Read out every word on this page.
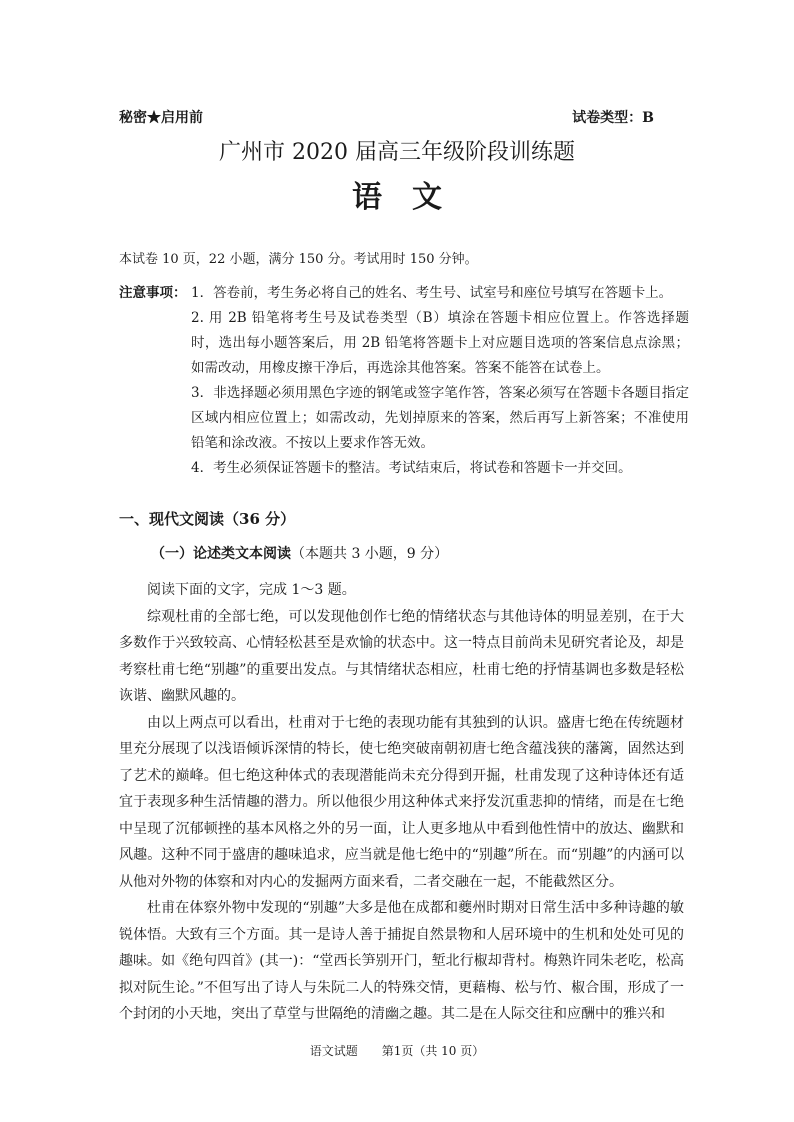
秘密★启用前	试卷类型：B
广州市 2020 届高三年级阶段训练题
语文
本试卷 10 页，22 小题，满分 150 分。考试用时 150 分钟。
注意事项： 1．答卷前，考生务必将自己的姓名、考生号、试室号和座位号填写在答题卡上。
2. 用 2B 铅笔将考生号及试卷类型（B）填涂在答题卡相应位置上。作答选择题时，选出每小题答案后，用 2B 铅笔将答题卡上对应题目选项的答案信息点涂黑；如需改动，用橡皮擦干净后，再选涂其他答案。答案不能答在试卷上。
3．非选择题必须用黑色字迹的钢笔或签字笔作答，答案必须写在答题卡各题目指定区域内相应位置上；如需改动，先划掉原来的答案，然后再写上新答案；不准使用铅笔和涂改液。不按以上要求作答无效。
4．考生必须保证答题卡的整洁。考试结束后，将试卷和答题卡一并交回。
一、现代文阅读（36 分）
（一）论述类文本阅读（本题共 3 小题，9 分）

阅读下面的文字，完成 1～3 题。

综观杜甫的全部七绝，可以发现他创作七绝的情绪状态与其他诗体的明显差别，在于大多数作于兴致较高、心情轻松甚至是欢愉的状态中。这一特点目前尚未见研究者论及，却是考察杜甫七绝“别趣”的重要出发点。与其情绪状态相应，杜甫七绝的抒情基调也多数是轻松诙谐、幽默风趣的。

由以上两点可以看出，杜甫对于七绝的表现功能有其独到的认识。盛唐七绝在传统题材里充分展现了以浅语倾诉深情的特长，使七绝突破南朝初唐七绝含蕴浅狭的藩篱，固然达到了艺术的巅峰。但七绝这种体式的表现潜能尚未充分得到开掘，杜甫发现了这种诗体还有适宜于表现多种生活情趣的潜力。所以他很少用这种体式来抒发沉重悲抑的情绪，而是在七绝中呈现了沉郁顿挫的基本风格之外的另一面，让人更多地从中看到他性情中的放达、幽默和风趣。这种不同于盛唐的趣味追求，应当就是他七绝中的“别趣”所在。而“别趣”的内涵可以从他对外物的体察和对内心的发掘两方面来看，二者交融在一起，不能截然区分。

杜甫在体察外物中发现的“别趣”大多是他在成都和夔州时期对日常生活中多种诗趣的敏锐体悟。大致有三个方面。其一是诗人善于捕捉自然景物和人居环境中的生机和处处可见的趣味。如《绝句四首》(其一)：“堂西长笋别开门，堑北行椒却背村。梅熟许同朱老吃，松高拟对阮生论。”不但写出了诗人与朱阮二人的特殊交情，更藉梅、松与竹、椒合围，形成了一个封闭的小天地，突出了草堂与世隔绝的清幽之趣。其二是在人际交往和应酬中的雅兴和

语文试题　　第1页（共 10 页）
